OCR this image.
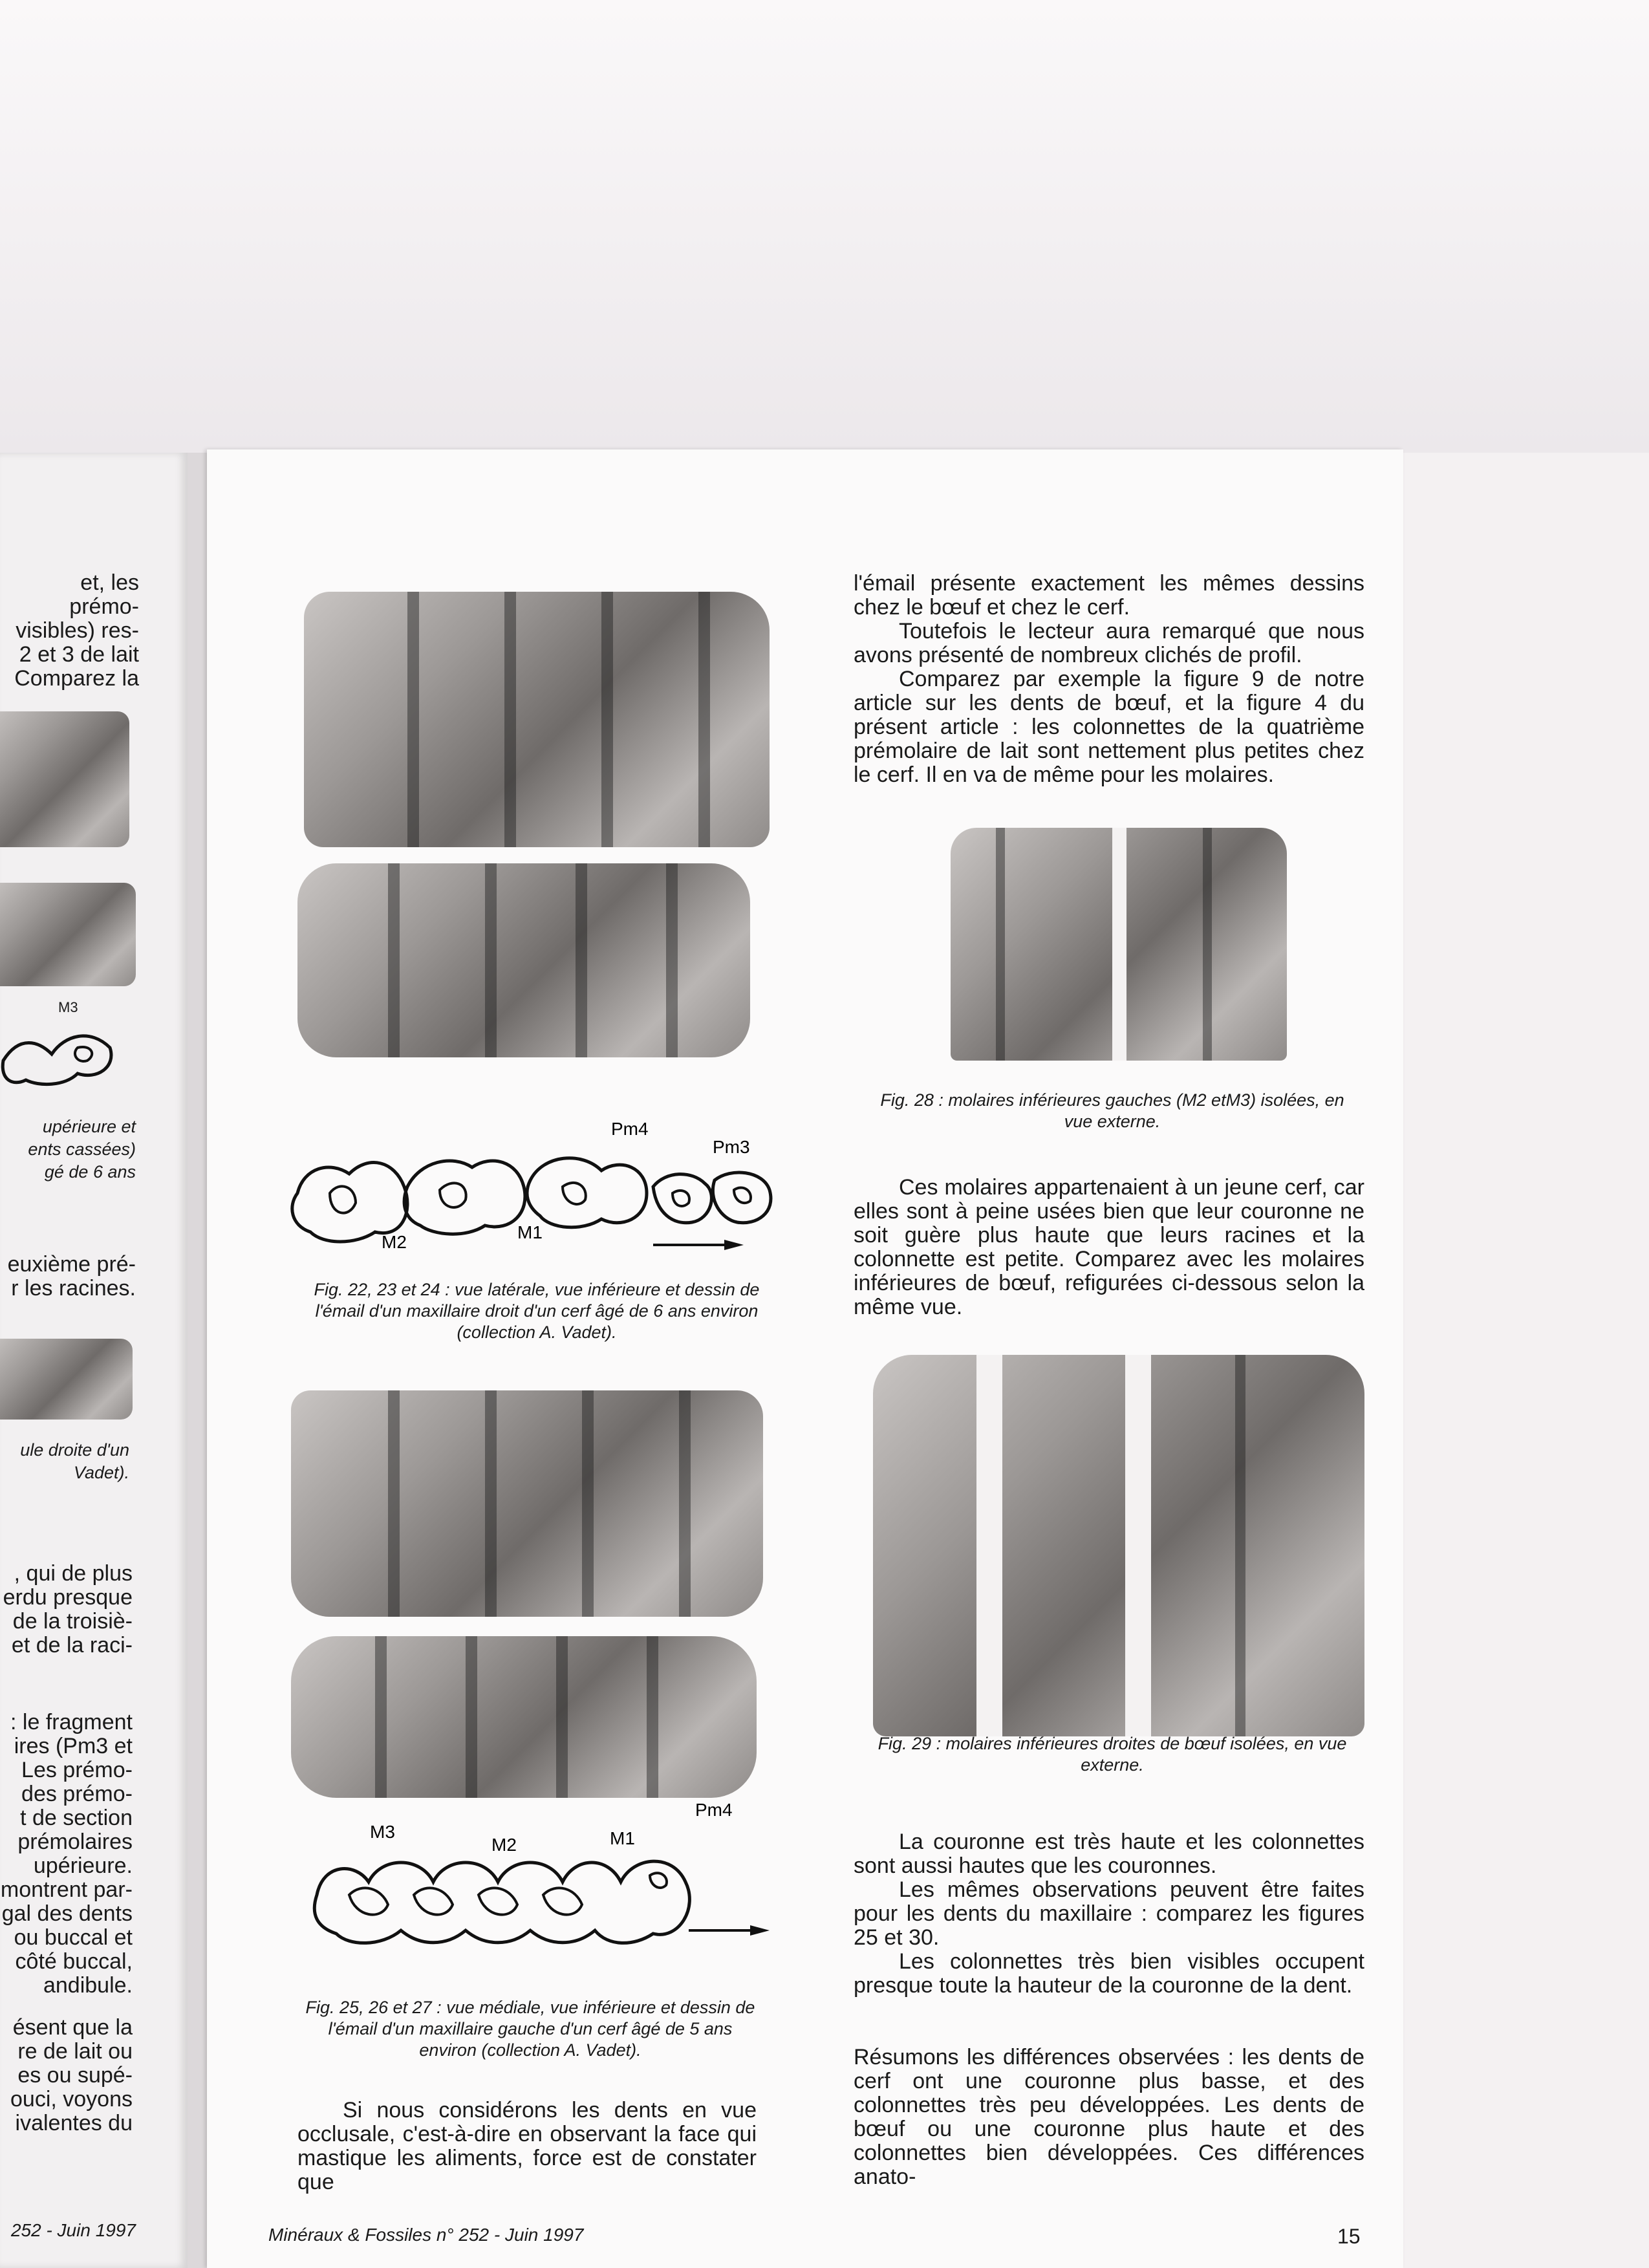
et, les prémo-
visibles) res-
2 et 3 de lait
Comparez la
M3
upérieure et
ents cassées)
gé de 6 ans
euxième pré-
r les racines.
ule droite d'un
Vadet).
, qui de plus
erdu presque
de la troisiè-
et de la raci-
: le fragment
ires (Pm3 et
Les prémo-
des prémo-
t de section
prémolaires
upérieure.
montrent par-
gal des dents
ou buccal et
côté buccal,
andibule.
ésent que la
re de lait ou
es ou supé-
ouci, voyons
ivalentes du
252 - Juin 1997
Pm4
Pm3
M2	M1
Fig. 22, 23 et 24 : vue latérale, vue inférieure et dessin de l'émail d'un maxillaire droit d'un cerf âgé de 6 ans environ (collection A. Vadet).
M3
M2	M1
Pm4
Fig. 25, 26 et 27 : vue médiale, vue inférieure et dessin de l'émail d'un maxillaire gauche d'un cerf âgé de 5 ans environ (collection A. Vadet).
Si nous considérons les dents en vue occlusale, c'est-à-dire en observant la face qui mastique les aliments, force est de constater que

l'émail présente exactement les mêmes dessins chez le bœuf et chez le cerf.

Toutefois le lecteur aura remarqué que nous avons présenté de nombreux clichés de profil.

Comparez par exemple la figure 9 de notre article sur les dents de bœuf, et la figure 4 du présent article : les colonnettes de la quatrième prémolaire de lait sont nettement plus petites chez le cerf. Il en va de même pour les molaires.

Fig. 28 : molaires inférieures gauches (M2 etM3) isolées, en vue externe.
Ces molaires appartenaient à un jeune cerf, car elles sont à peine usées bien que leur couronne ne soit guère plus haute que leurs racines et la colonnette est petite. Comparez avec les molaires inférieures de bœuf, refigurées ci-dessous selon la même vue.
Fig. 29 : molaires inférieures droites de bœuf isolées, en vue externe.

La couronne est très haute et les colonnettes sont aussi hautes que les couronnes.

Les mêmes observations peuvent être faites pour les dents du maxillaire : comparez les figures 25 et 30.

Les colonnettes très bien visibles occupent presque toute la hauteur de la couronne de la dent.

Résumons les différences observées : les dents de cerf ont une couronne plus basse, et des colonnettes très peu développées. Les dents de bœuf ou une couronne plus haute et des colonnettes bien développées. Ces différences anato-
Minéraux & Fossiles n° 252 - Juin 1997	15
